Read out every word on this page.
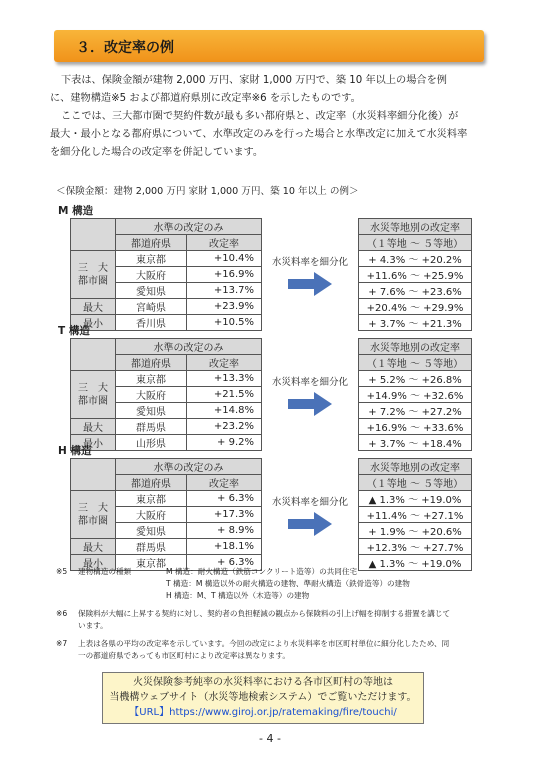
３．改定率の例

下表は、保険金額が建物 2,000 万円、家財 1,000 万円で、築 10 年以上の場合を例

に、建物構造※5 および都道府県別に改定率※6 を示したものです。

ここでは、三大都市圏で契約件数が最も多い都府県と、改定率（水災料率細分化後）が

最大・最小となる都府県について、水準改定のみを行った場合と水準改定に加えて水災料率

を細分化した場合の改定率を併記しています。

＜保険金額：建物 2,000 万円 家財 1,000 万円、築 10 年以上 の例＞
M 構造
	水準の改定のみ		水災料率を細分化	水災等地別の改定率
	都道府県	改定率		（１等地 ～ ５等地）
三　大
都市圏	東京都	+10.4%		+ 4.3% ～ +20.2%
	大阪府	+16.9%		+11.6% ～ +25.9%
	愛知県	+13.7%		+ 7.6% ～ +23.6%
最大	宮崎県	+23.9%		+20.4% ～ +29.9%
最小	香川県	+10.5%		+ 3.7% ～ +21.3%
T 構造
	水準の改定のみ		水災料率を細分化	水災等地別の改定率
	都道府県	改定率		（１等地 ～ ５等地）
三　大
都市圏	東京都	+13.3%		+ 5.2% ～ +26.8%
	大阪府	+21.5%		+14.9% ～ +32.6%
	愛知県	+14.8%		+ 7.2% ～ +27.2%
最大	群馬県	+23.2%		+16.9% ～ +33.6%
最小	山形県	+ 9.2%		+ 3.7% ～ +18.4%
H 構造
	水準の改定のみ		水災料率を細分化	水災等地別の改定率
	都道府県	改定率		（１等地 ～ ５等地）
三　大
都市圏	東京都	+ 6.3%		▲ 1.3% ～ +19.0%
	大阪府	+17.3%		+11.4% ～ +27.1%
	愛知県	+ 8.9%		+ 1.9% ～ +20.6%
最大	群馬県	+18.1%		+12.3% ～ +27.7%
最小	東京都	+ 6.3%		▲ 1.3% ～ +19.0%
※5 建物構造の種類	M 構造：耐火構造（鉄筋コンクリート造等）の共同住宅
T 構造：M 構造以外の耐火構造の建物、準耐火構造（鉄骨造等）の建物
H 構造：M、T 構造以外（木造等）の建物
※6 保険料が大幅に上昇する契約に対し、契約者の負担軽減の観点から保険料の引上げ幅を抑制する措置を講じて
います。
※7 上表は各県の平均の改定率を示しています。今回の改定により水災料率を市区町村単位に細分化したため、同
一の都道府県であっても市区町村により改定率は異なります。
火災保険参考純率の水災料率における各市区町村の等地は
当機構ウェブサイト（水災等地検索システム）でご覧いただけます。
【URL】https://www.giroj.or.jp/ratemaking/fire/touchi/
- 4 -
